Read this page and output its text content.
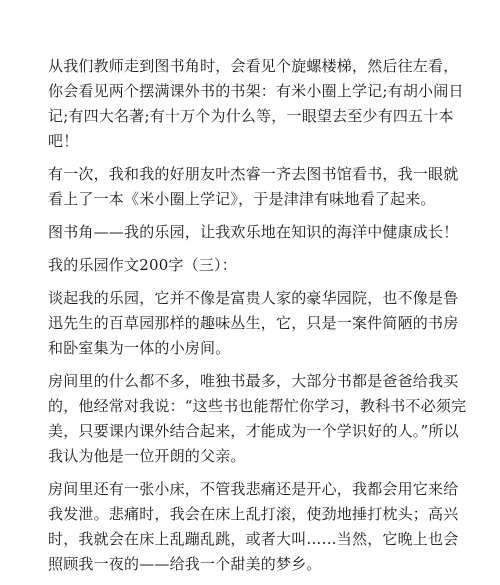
从我们教师走到图书角时，会看见个旋螺楼梯，然后往左看，你会看见两个摆满课外书的书架：有米小圈上学记;有胡小闹日记;有四大名著;有十万个为什么等，一眼望去至少有四五十本吧！

有一次，我和我的好朋友叶杰睿一齐去图书馆看书，我一眼就看上了一本《米小圈上学记》，于是津津有味地看了起来。

图书角——我的乐园，让我欢乐地在知识的海洋中健康成长！

我的乐园作文200字（三）：

谈起我的乐园，它并不像是富贵人家的豪华园院，也不像是鲁迅先生的百草园那样的趣味丛生，它，只是一案件简陋的书房和卧室集为一体的小房间。

房间里的什么都不多，唯独书最多，大部分书都是爸爸给我买的，他经常对我说：“这些书也能帮忙你学习，教科书不必须完美，只要课内课外结合起来，才能成为一个学识好的人。”所以我认为他是一位开朗的父亲。

房间里还有一张小床，不管我悲痛还是开心，我都会用它来给我发泄。悲痛时，我会在床上乱打滚，使劲地捶打枕头；高兴时，我就会在床上乱蹦乱跳，或者大叫……当然，它晚上也会照顾我一夜的——给我一个甜美的梦乡。
